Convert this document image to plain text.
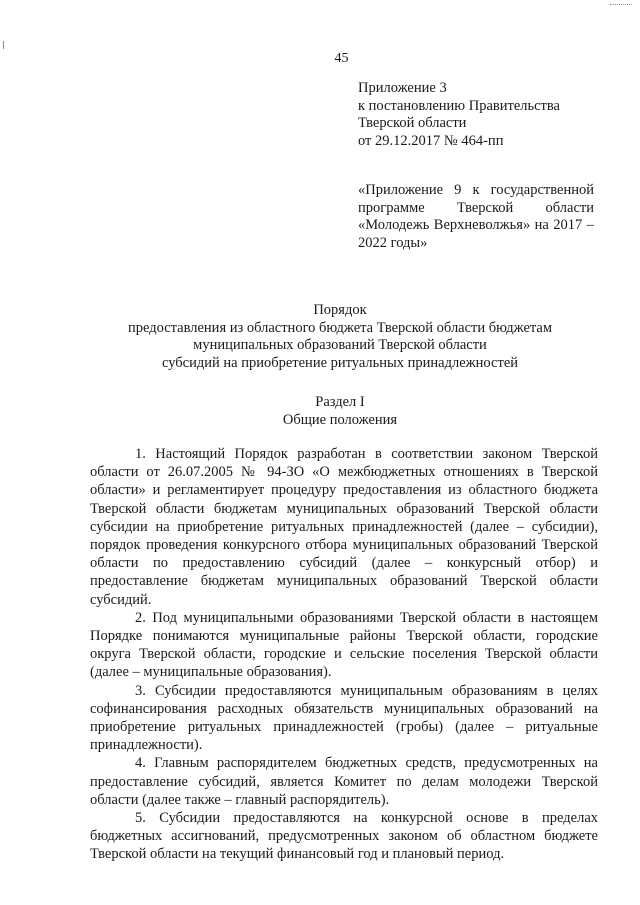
45
Приложение 3
к постановлению Правительства
Тверской области
от 29.12.2017 № 464-пп
«Приложение 9 к государственной программе Тверской области «Молодежь Верхневолжья» на 2017 – 2022 годы»
Порядок
предоставления из областного бюджета Тверской области бюджетам
муниципальных образований Тверской области
субсидий на приобретение ритуальных принадлежностей
Раздел I
Общие положения

1. Настоящий Порядок разработан в соответствии законом Тверской области от 26.07.2005 № 94-ЗО «О межбюджетных отношениях в Тверской области» и регламентирует процедуру предоставления из областного бюджета Тверской области бюджетам муниципальных образований Тверской области субсидии на приобретение ритуальных принадлежностей (далее – субсидии), порядок проведения конкурсного отбора муниципальных образований Тверской области по предоставлению субсидий (далее – конкурсный отбор) и предоставление бюджетам муниципальных образований Тверской области субсидий.

2. Под муниципальными образованиями Тверской области в настоящем Порядке понимаются муниципальные районы Тверской области, городские округа Тверской области, городские и сельские поселения Тверской области (далее – муниципальные образования).

3. Субсидии предоставляются муниципальным образованиям в целях софинансирования расходных обязательств муниципальных образований на приобретение ритуальных принадлежностей (гробы) (далее – ритуальные принадлежности).

4. Главным распорядителем бюджетных средств, предусмотренных на предоставление субсидий, является Комитет по делам молодежи Тверской области (далее также – главный распорядитель).

5. Субсидии предоставляются на конкурсной основе в пределах бюджетных ассигнований, предусмотренных законом об областном бюджете Тверской области на текущий финансовый год и плановый период.
